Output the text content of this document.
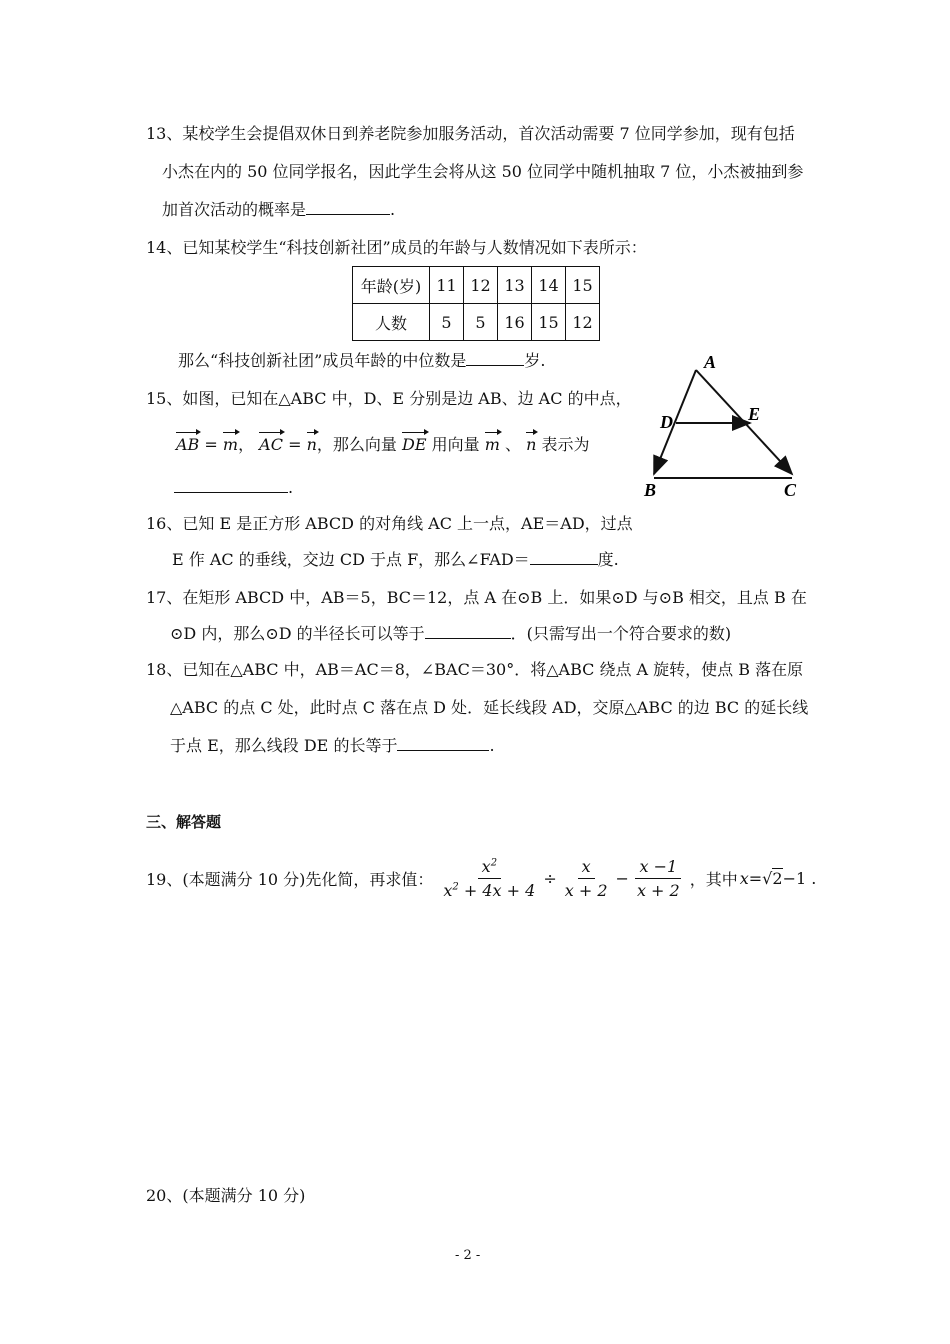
13、某校学生会提倡双休日到养老院参加服务活动，首次活动需要 7 位同学参加，现有包括
小杰在内的 50 位同学报名，因此学生会将从这 50 位同学中随机抽取 7 位，小杰被抽到参
加首次活动的概率是	.
14、已知某校学生“科技创新社团”成员的年龄与人数情况如下表所示：
年龄(岁)	11	12	13	14	15
人数	5	5	16	15	12
那么“科技创新社团”成员年龄的中位数是	岁.
15、如图，已知在△ABC 中，D、E 分别是边 AB、边 AC 的中点，
AB = m， AC = n，那么向量 DE 用向量 m 、 n 表示为
.
A
D	E
B	C
16、已知 E 是正方形 ABCD 的对角线 AC 上一点，AE＝AD，过点
E 作 AC 的垂线，交边 CD 于点 F，那么∠FAD＝	度.
17、在矩形 ABCD 中，AB＝5，BC＝12，点 A 在⊙B 上．如果⊙D 与⊙B 相交，且点 B 在
⊙D 内，那么⊙D 的半径长可以等于	．(只需写出一个符合要求的数)
18、已知在△ABC 中，AB＝AC＝8，∠BAC＝30°．将△ABC 绕点 A 旋转，使点 B 落在原
△ABC 的点 C 处，此时点 C 落在点 D 处．延长线段 AD，交原△ABC 的边 BC 的延长线
于点 E，那么线段 DE 的长等于	.
三、解答题
19、(本题满分 10 分)先化简，再求值： $\frac{x^2}{x^2 + 4x + 4} \div \frac{x}{x + 2} - \frac{x -1}{x + 2}$ ，其中 x = √ 2 −1 .
20、(本题满分 10 分)
- 2 -
